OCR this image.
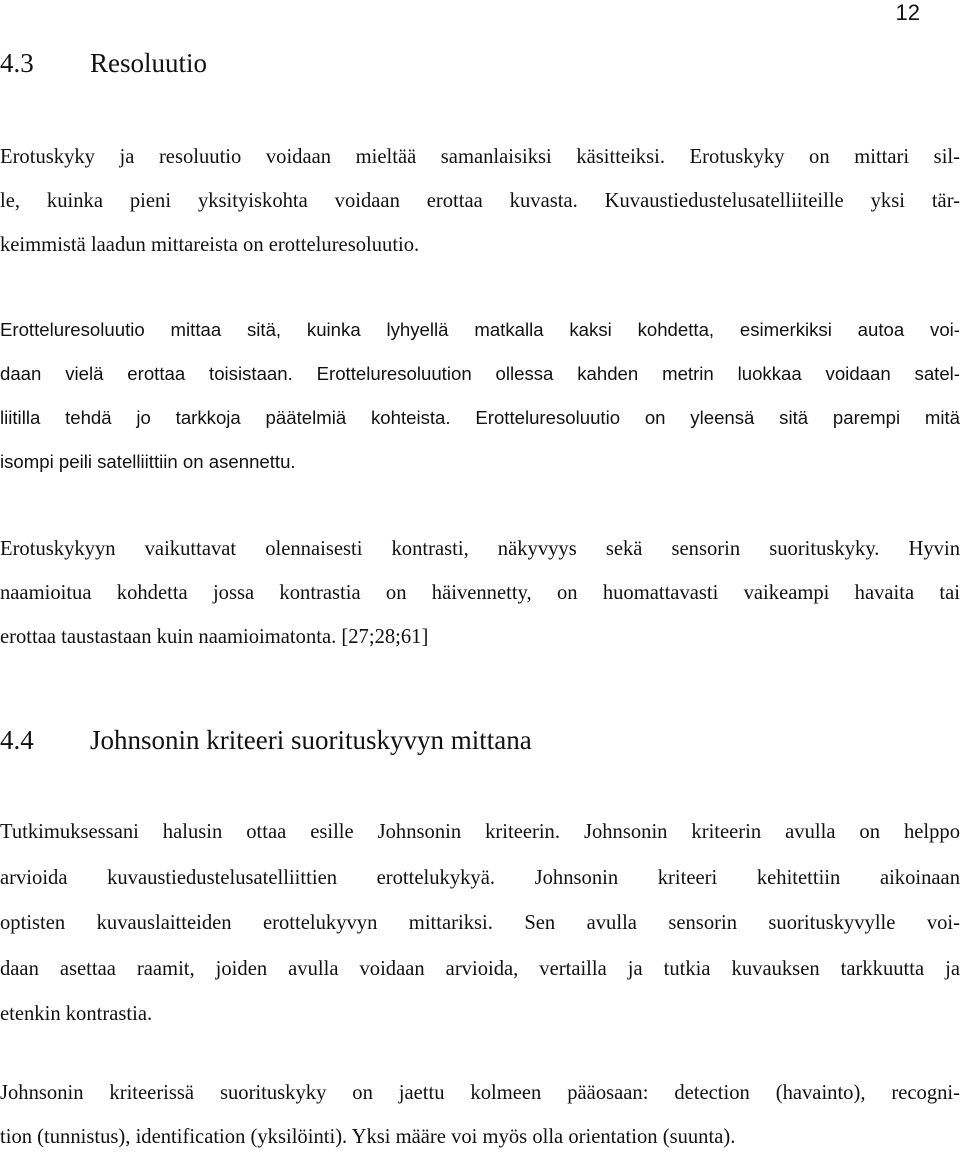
12
4.3 Resoluutio

Erotuskyky ja resoluutio voidaan mieltää samanlaisiksi käsitteiksi. Erotuskyky on mittari sil-
le, kuinka pieni yksityiskohta voidaan erottaa kuvasta. Kuvaustiedustelusatelliiteille yksi tär-
keimmistä laadun mittareista on erotteluresoluutio.

Erotteluresoluutio mittaa sitä, kuinka lyhyellä matkalla kaksi kohdetta, esimerkiksi autoa voi-
daan vielä erottaa toisistaan. Erotteluresoluution ollessa kahden metrin luokkaa voidaan satel-
liitilla tehdä jo tarkkoja päätelmiä kohteista. Erotteluresoluutio on yleensä sitä parempi mitä
isompi peili satelliittiin on asennettu.

Erotuskykyyn vaikuttavat olennaisesti kontrasti, näkyvyys sekä sensorin suorituskyky. Hyvin
naamioitua kohdetta jossa kontrastia on häivennetty, on huomattavasti vaikeampi havaita tai
erottaa taustastaan kuin naamioimatonta. [27;28;61]

4.4 Johnsonin kriteeri suorituskyvyn mittana

Tutkimuksessani halusin ottaa esille Johnsonin kriteerin. Johnsonin kriteerin avulla on helppo
arvioida kuvaustiedustelusatelliittien erottelukykyä. Johnsonin kriteeri kehitettiin aikoinaan
optisten kuvauslaitteiden erottelukyvyn mittariksi. Sen avulla sensorin suorituskyvylle voi-
daan asettaa raamit, joiden avulla voidaan arvioida, vertailla ja tutkia kuvauksen tarkkuutta ja
etenkin kontrastia.

Johnsonin kriteerissä suorituskyky on jaettu kolmeen pääosaan: detection (havainto), recogni-
tion (tunnistus), identification (yksilöinti). Yksi määre voi myös olla orientation (suunta).
